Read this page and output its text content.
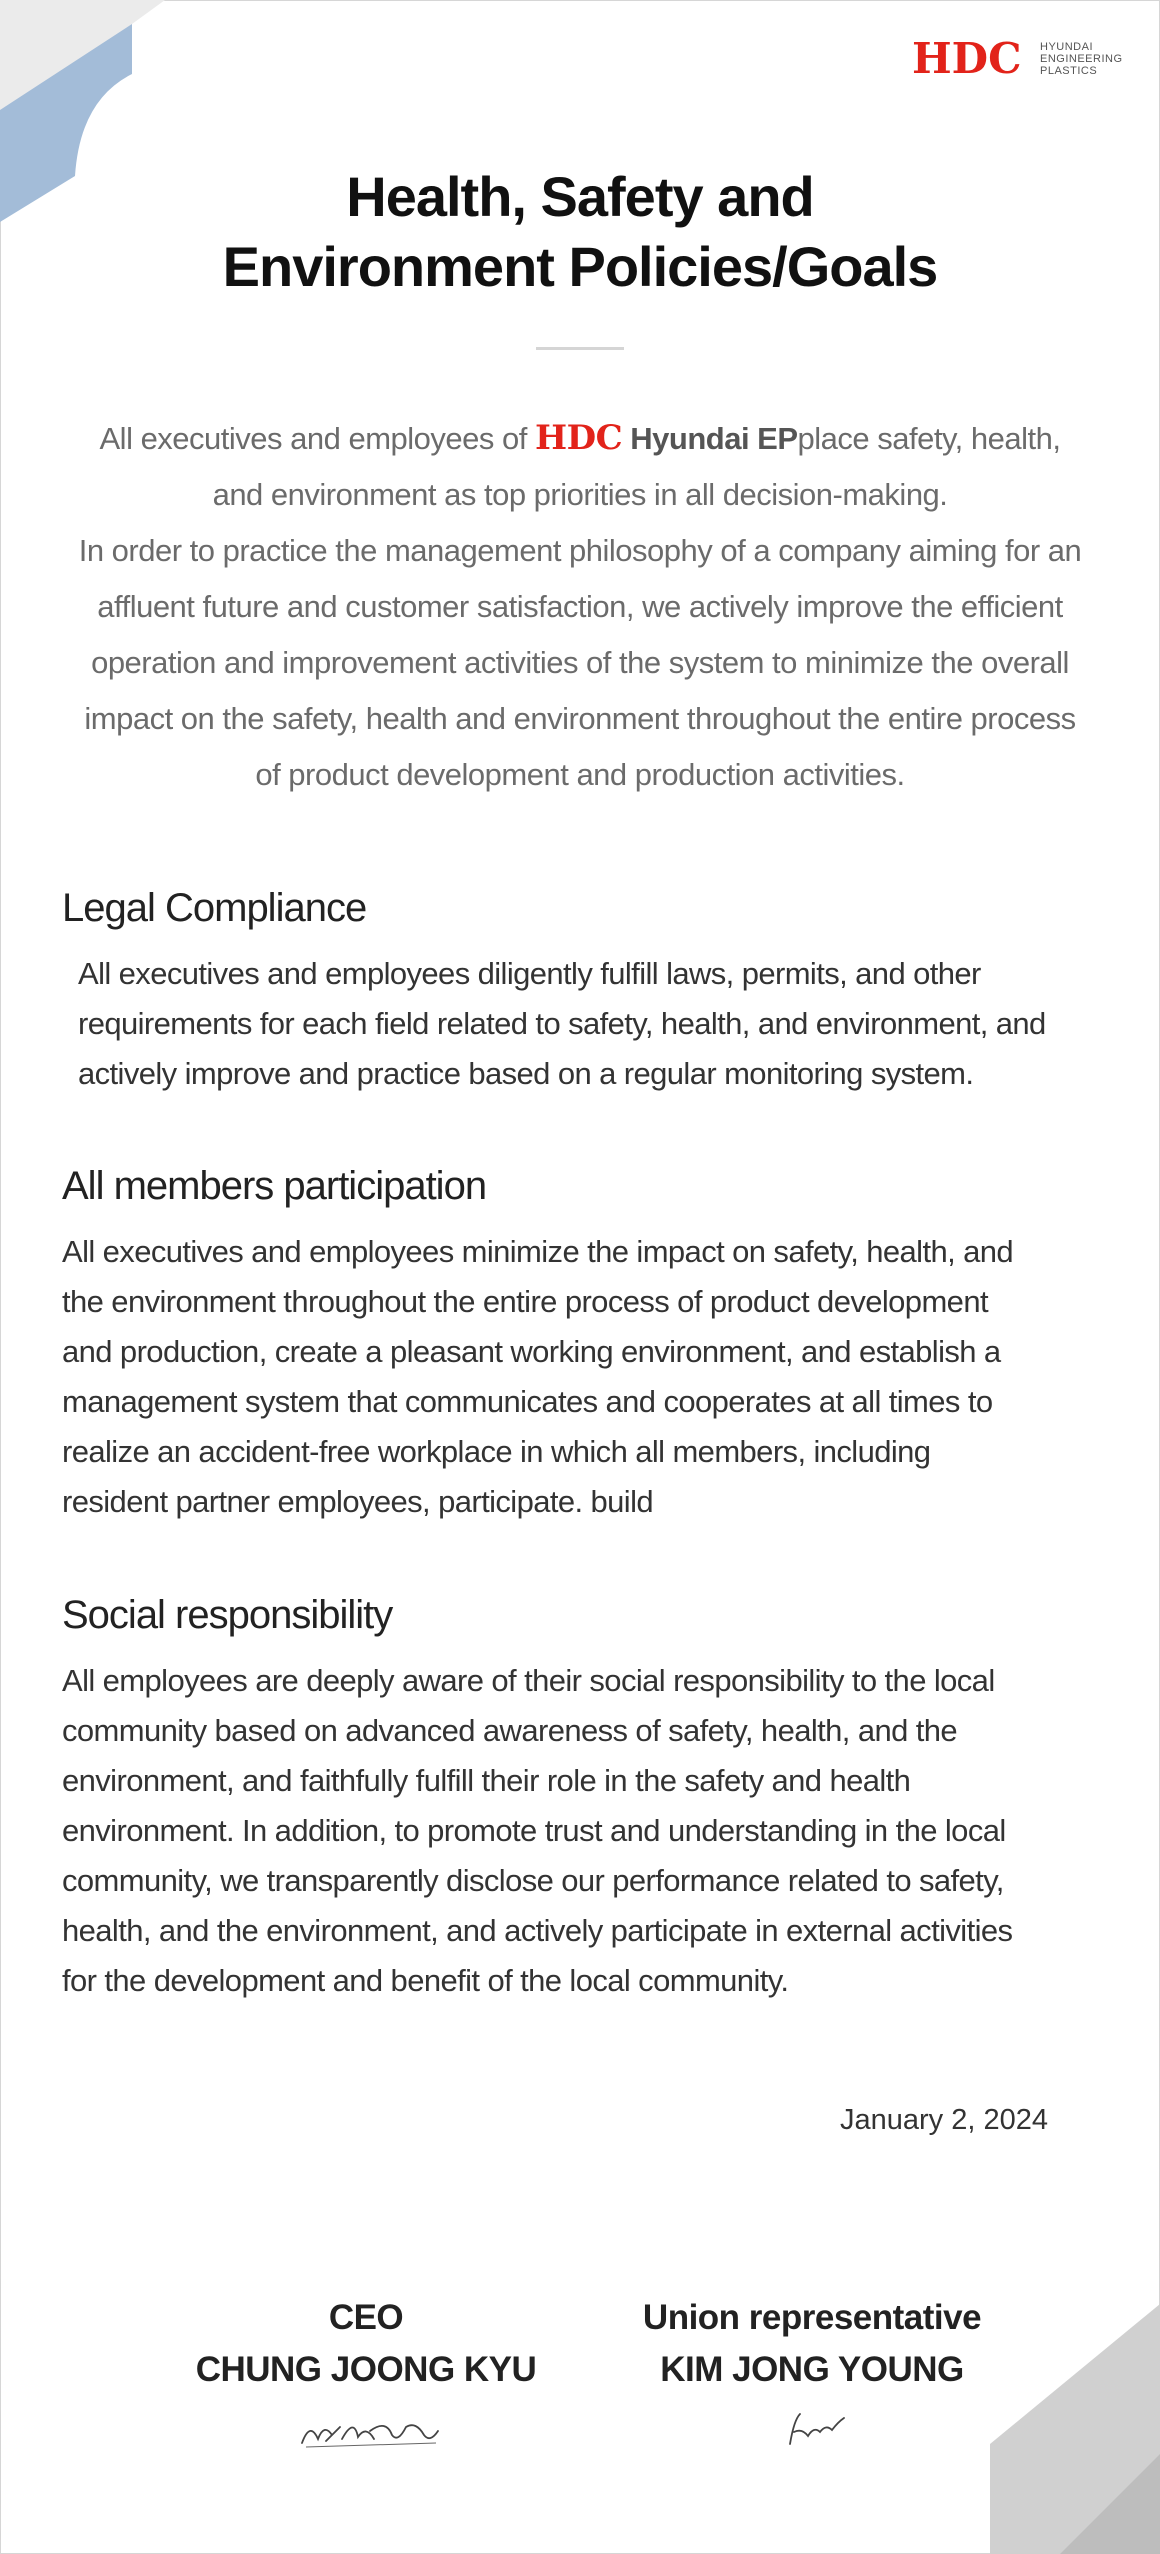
HDC HYUNDAI
ENGINEERING
PLASTICS
Health, Safety and
Environment Policies/Goals
All executives and employees of HDC Hyundai EPplace safety, health,
and environment as top priorities in all decision-making.
In order to practice the management philosophy of a company aiming for an
affluent future and customer satisfaction, we actively improve the efficient
operation and improvement activities of the system to minimize the overall
impact on the safety, health and environment throughout the entire process
of product development and production activities.
Legal Compliance
All executives and employees diligently fulfill laws, permits, and other
requirements for each field related to safety, health, and environment, and
actively improve and practice based on a regular monitoring system.
All members participation
All executives and employees minimize the impact on safety, health, and
the environment throughout the entire process of product development
and production, create a pleasant working environment, and establish a
management system that communicates and cooperates at all times to
realize an accident-free workplace in which all members, including
resident partner employees, participate. build
Social responsibility
All employees are deeply aware of their social responsibility to the local
community based on advanced awareness of safety, health, and the
environment, and faithfully fulfill their role in the safety and health
environment. In addition, to promote trust and understanding in the local
community, we transparently disclose our performance related to safety,
health, and the environment, and actively participate in external activities
for the development and benefit of the local community.
January 2, 2024
CEO
CHUNG JOONG KYU
Union representative
KIM JONG YOUNG
